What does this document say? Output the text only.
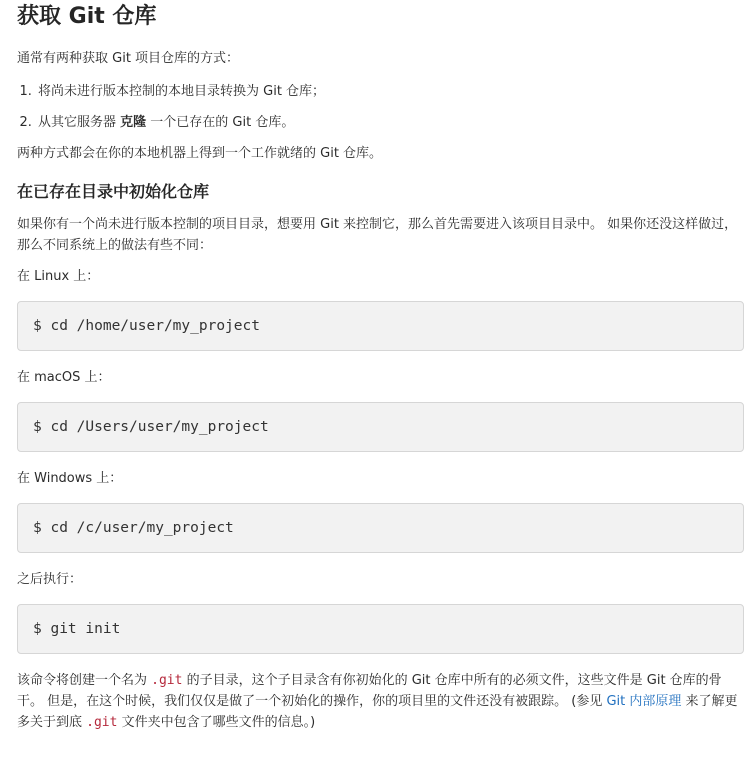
获取 Git 仓库

通常有两种获取 Git 项目仓库的方式：

1. 将尚未进行版本控制的本地目录转换为 Git 仓库；
2. 从其它服务器 克隆 一个已存在的 Git 仓库。

两种方式都会在你的本地机器上得到一个工作就绪的 Git 仓库。

在已存在目录中初始化仓库

如果你有一个尚未进行版本控制的项目目录，想要用 Git 来控制它，那么首先需要进入该项目目录中。 如果你还没这样做过，那么不同系统上的做法有些不同：

在 Linux 上：

$ cd /home/user/my_project

在 macOS 上：

$ cd /Users/user/my_project

在 Windows 上：

$ cd /c/user/my_project

之后执行：

$ git init

该命令将创建一个名为 .git 的子目录，这个子目录含有你初始化的 Git 仓库中所有的必须文件，这些文件是 Git 仓库的骨干。 但是，在这个时候，我们仅仅是做了一个初始化的操作，你的项目里的文件还没有被跟踪。 (参见 Git 内部原理 来了解更多关于到底 .git 文件夹中包含了哪些文件的信息。)
